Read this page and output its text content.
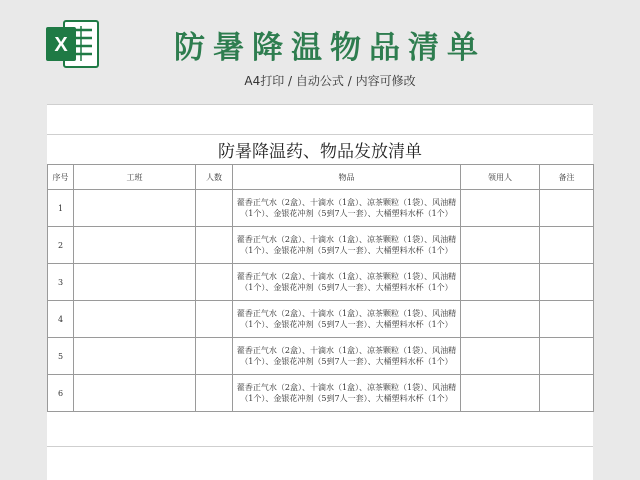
X	防暑降温物品清单
A4打印 / 自动公式 / 内容可修改
防暑降温药、物品发放清单
序号	工班	人数	物品	领用人	备注
1			藿香正气水（2盒）、十滴水（1盒）、凉茶颗粒（1袋）、风油精（1个）、金银花冲剂（5到7人一套）、大桶塑料水杯（1个）		
2			藿香正气水（2盒）、十滴水（1盒）、凉茶颗粒（1袋）、风油精（1个）、金银花冲剂（5到7人一套）、大桶塑料水杯（1个）		
3			藿香正气水（2盒）、十滴水（1盒）、凉茶颗粒（1袋）、风油精（1个）、金银花冲剂（5到7人一套）、大桶塑料水杯（1个）		
4			藿香正气水（2盒）、十滴水（1盒）、凉茶颗粒（1袋）、风油精（1个）、金银花冲剂（5到7人一套）、大桶塑料水杯（1个）		
5			藿香正气水（2盒）、十滴水（1盒）、凉茶颗粒（1袋）、风油精（1个）、金银花冲剂（5到7人一套）、大桶塑料水杯（1个）		
6			藿香正气水（2盒）、十滴水（1盒）、凉茶颗粒（1袋）、风油精（1个）、金银花冲剂（5到7人一套）、大桶塑料水杯（1个）		
